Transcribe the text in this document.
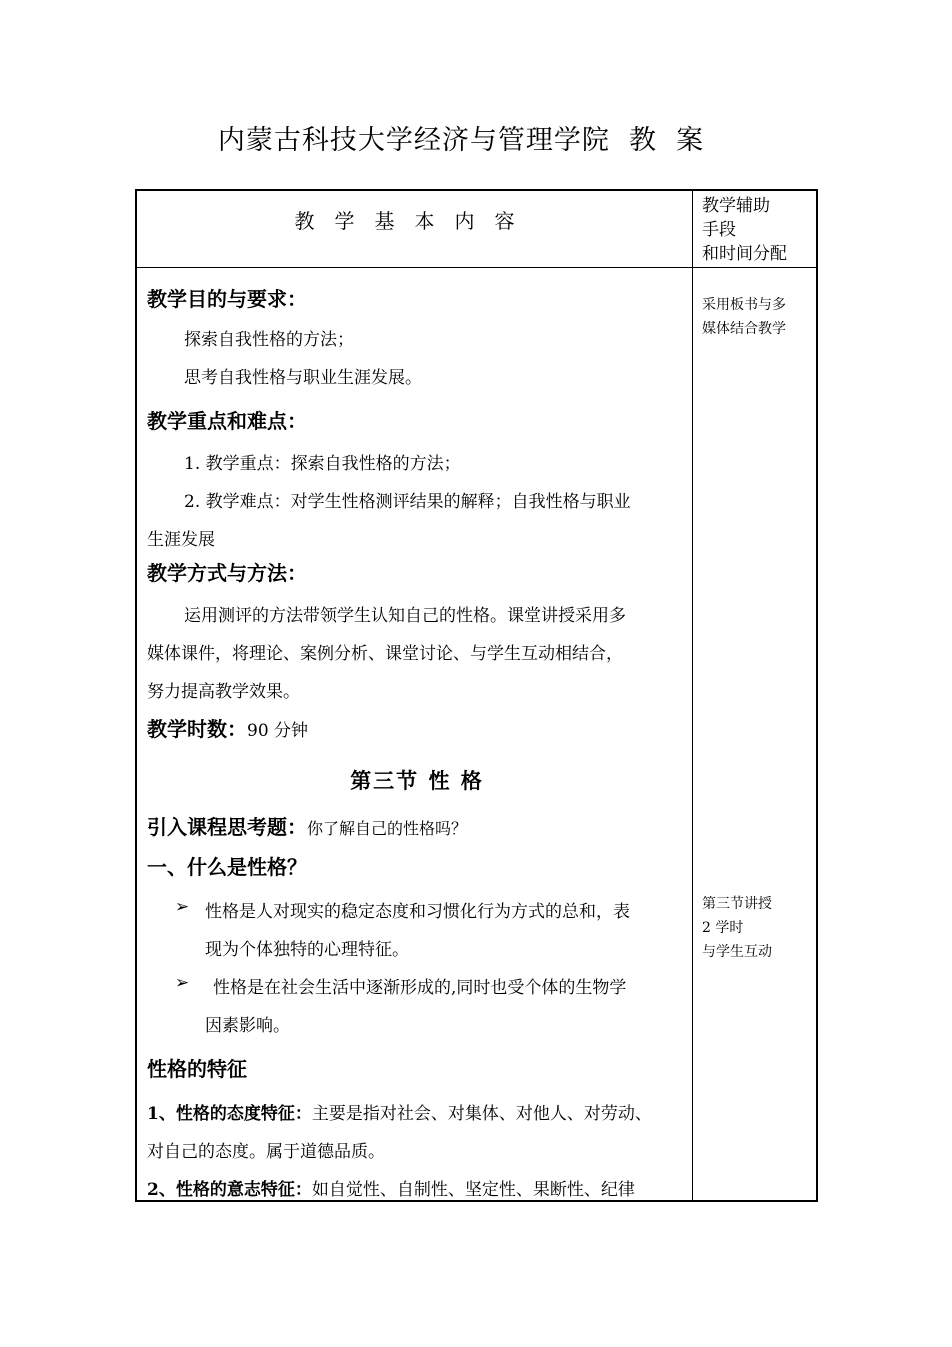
内蒙古科技大学经济与管理学院  教  案
教学基本内容
教学辅助
手段
和时间分配
采用板书与多
媒体结合教学
第三节讲授
2 学时
与学生互动
教学目的与要求：
探索自我性格的方法；
思考自我性格与职业生涯发展。
教学重点和难点：
1. 教学重点：探索自我性格的方法；
2. 教学难点：对学生性格测评结果的解释；自我性格与职业
生涯发展
教学方式与方法：
运用测评的方法带领学生认知自己的性格。课堂讲授采用多
媒体课件，将理论、案例分析、课堂讨论、与学生互动相结合，
努力提高教学效果。
教学时数：90 分钟
第三节 性 格
引入课程思考题：你了解自己的性格吗？
一、什么是性格？
➢ 性格是人对现实的稳定态度和习惯化行为方式的总和，表
现为个体独特的心理特征。
➢ 性格是在社会生活中逐渐形成的,同时也受个体的生物学
因素影响。
性格的特征
1、性格的态度特征：主要是指对社会、对集体、对他人、对劳动、
对自己的态度。属于道德品质。
2、性格的意志特征：如自觉性、自制性、坚定性、果断性、纪律
